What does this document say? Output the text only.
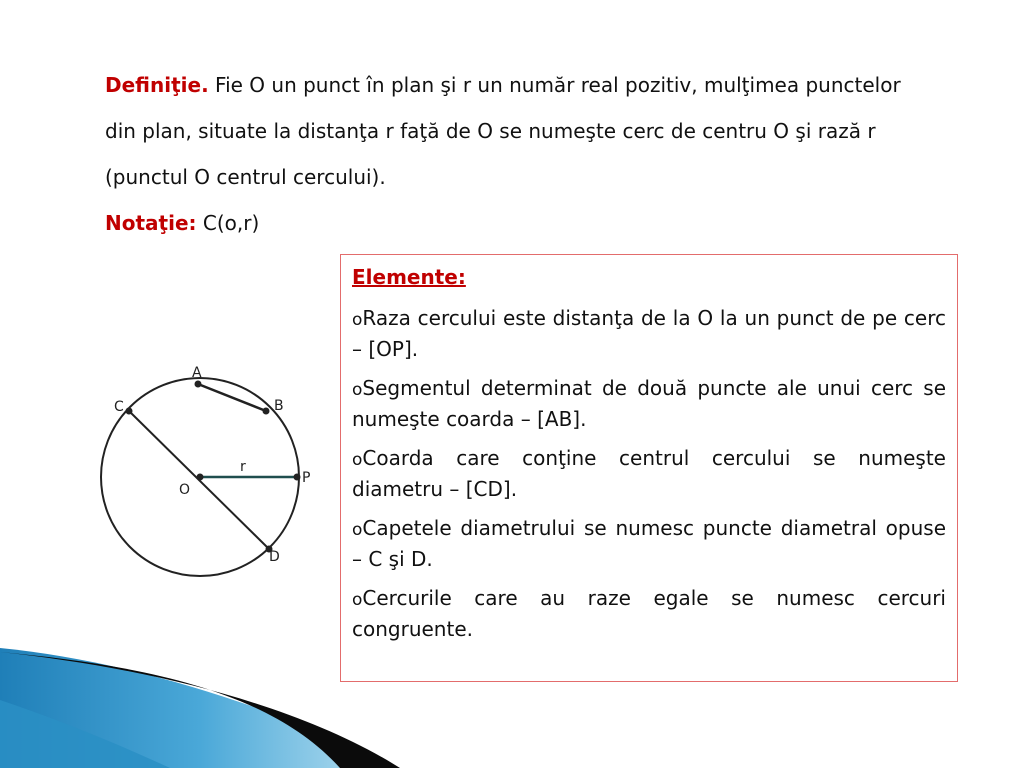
Definiţie. Fie O un punct în plan şi r un număr real pozitiv, mulţimea punctelor din plan, situate la distanţa r faţă de O se numeşte cerc de centru O şi rază r (punctul O centrul cercului).

Notaţie: C(o,r)

A
B
C
D
O
P
r

Elemente:

oRaza cercului este distanţa de la O la un punct de pe cerc – [OP].

oSegmentul determinat de două puncte ale unui cerc se numeşte coarda – [AB].

oCoarda care conţine centrul cercului se numeşte diametru – [CD].

oCapetele diametrului se numesc puncte diametral opuse – C şi D.

oCercurile care au raze egale se numesc cercuri congruente.
